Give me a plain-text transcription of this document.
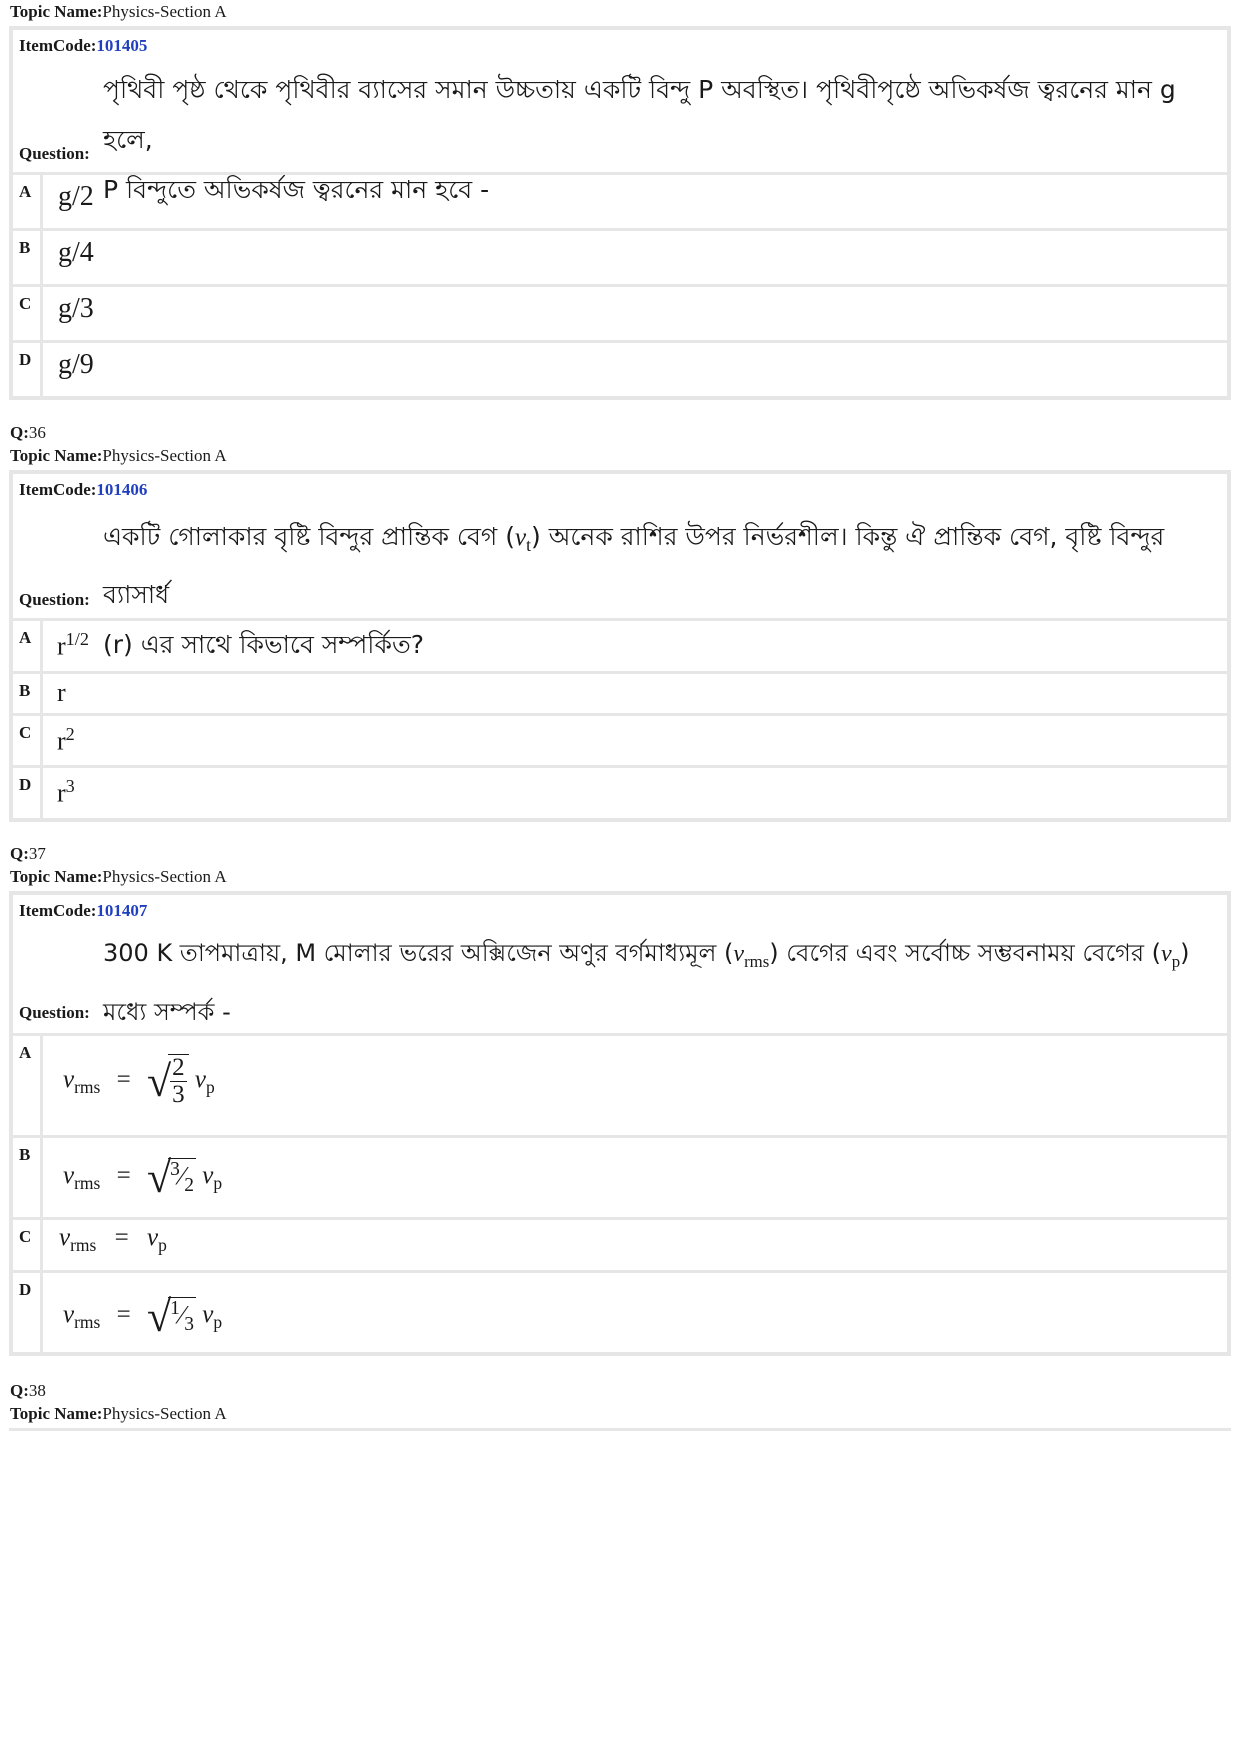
Topic Name:Physics-Section A
ItemCode:101405
পৃথিবী পৃষ্ঠ থেকে পৃথিবীর ব্যাসের সমান উচ্চতায় একটি বিন্দু P অবস্থিত। পৃথিবীপৃষ্ঠে অভিকর্ষজ ত্বরনের মান g হলে,
P বিন্দুতে অভিকর্ষজ ত্বরনের মান হবে -
Question:
A g/2
B g/4
C g/3
D g/9
Q:36
Topic Name:Physics-Section A
ItemCode:101406
একটি গোলাকার বৃষ্টি বিন্দুর প্রান্তিক বেগ $(v_t)$ অনেক রাশির উপর নির্ভরশীল। কিন্তু ঐ প্রান্তিক বেগ, বৃষ্টি বিন্দুর ব্যাসার্ধ
(r) এর সাথে কিভাবে সম্পর্কিত?
Question:
A $r^{1/2}$
B r
C $r^2$
D $r^3$
Q:37
Topic Name:Physics-Section A
ItemCode:101407
300 K তাপমাত্রায়, M মোলার ভরের অক্সিজেন অণুর বর্গমাধ্যমূল $(v_{rms})$ বেগের এবং সর্বোচ্চ সম্ভবনাময় বেগের $(v_p)$
মধ্যে সম্পর্ক -
Question:
A
$v_{rms}$ = √ $\frac{2}{3} v_p$
B
$v_{rms}$ = $√^3⁄_2$ $v_p$
C $v_{rms} = v_p$
D
$v_{rms}$ = $√^1⁄_3$ $v_p$
Q:38
Topic Name:Physics-Section A
